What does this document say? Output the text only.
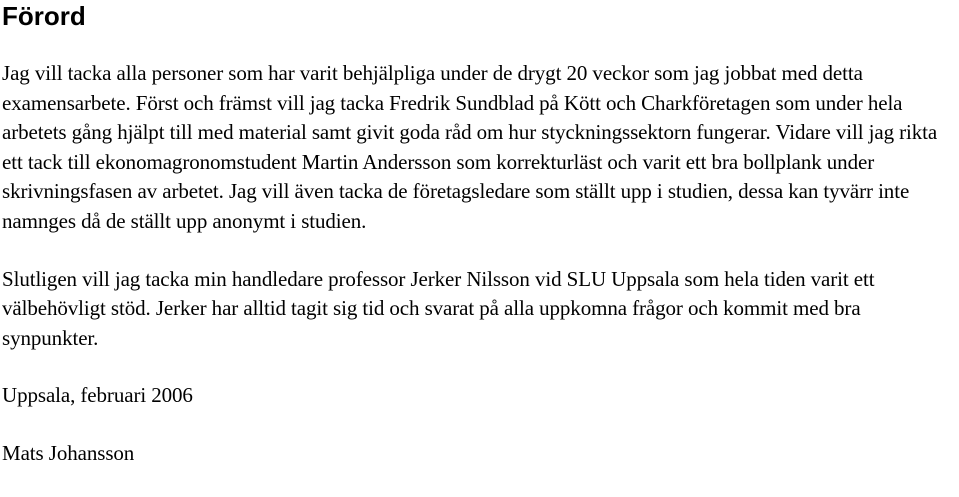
Förord

Jag vill tacka alla personer som har varit behjälpliga under de drygt 20 veckor som jag jobbat med detta examensarbete. Först och främst vill jag tacka Fredrik Sundblad på Kött och Charkföretagen som under hela arbetets gång hjälpt till med material samt givit goda råd om hur styckningssektorn fungerar. Vidare vill jag rikta ett tack till ekonomagronomstudent Martin Andersson som korrekturläst och varit ett bra bollplank under skrivningsfasen av arbetet. Jag vill även tacka de företagsledare som ställt upp i studien, dessa kan tyvärr inte namnges då de ställt upp anonymt i studien.

Slutligen vill jag tacka min handledare professor Jerker Nilsson vid SLU Uppsala som hela tiden varit ett välbehövligt stöd. Jerker har alltid tagit sig tid och svarat på alla uppkomna frågor och kommit med bra synpunkter.

Uppsala, februari 2006

Mats Johansson
